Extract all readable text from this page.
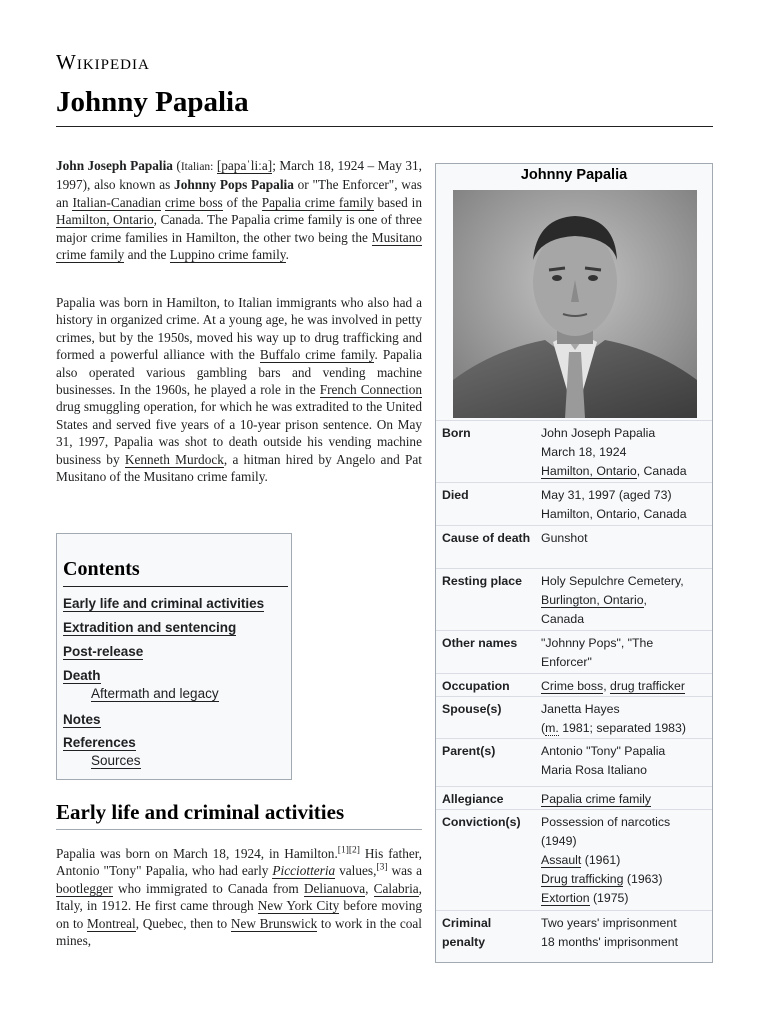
Wikipedia
Johnny Papalia

John Joseph Papalia (Italian: [papaˈliːa]; March 18, 1924 – May 31, 1997), also known as Johnny Pops Papalia or "The Enforcer", was an Italian-Canadian crime boss of the Papalia crime family based in Hamilton, Ontario, Canada. The Papalia crime family is one of three major crime families in Hamilton, the other two being the Musitano crime family and the Luppino crime family.

Papalia was born in Hamilton, to Italian immigrants who also had a history in organized crime. At a young age, he was involved in petty crimes, but by the 1950s, moved his way up to drug trafficking and formed a powerful alliance with the Buffalo crime family. Papalia also operated various gambling bars and vending machine businesses. In the 1960s, he played a role in the French Connection drug smuggling operation, for which he was extradited to the United States and served five years of a 10-year prison sentence. On May 31, 1997, Papalia was shot to death outside his vending machine business by Kenneth Murdock, a hitman hired by Angelo and Pat Musitano of the Musitano crime family.

Contents
Early life and criminal activities
Extradition and sentencing
Post-release
Death
Aftermath and legacy
Notes
References
Sources
Early life and criminal activities

Papalia was born on March 18, 1924, in Hamilton.[1][2] His father, Antonio "Tony" Papalia, who had early Picciotteria values,[3] was a bootlegger who immigrated to Canada from Delianuova, Calabria, Italy, in 1912. He first came through New York City before moving on to Montreal, Quebec, then to New Brunswick to work in the coal mines,

Johnny Papalia
Born	John Joseph Papalia
March 18, 1924
Hamilton, Ontario, Canada
Died	May 31, 1997 (aged 73)
Hamilton, Ontario, Canada
Cause of death Gunshot
Resting place	Holy Sepulchre Cemetery,
Burlington, Ontario,
Canada
Other names	"Johnny Pops", "The
Enforcer"
Occupation	Crime boss, drug trafficker
Spouse(s)	Janetta Hayes
(m. 1981; separated 1983)
Parent(s)	Antonio "Tony" Papalia
Maria Rosa Italiano
Allegiance	Papalia crime family
Conviction(s)	Possession of narcotics
(1949)
Assault (1961)
Drug trafficking (1963)
Extortion (1975)
Criminal penalty
Two years' imprisonment
18 months' imprisonment
